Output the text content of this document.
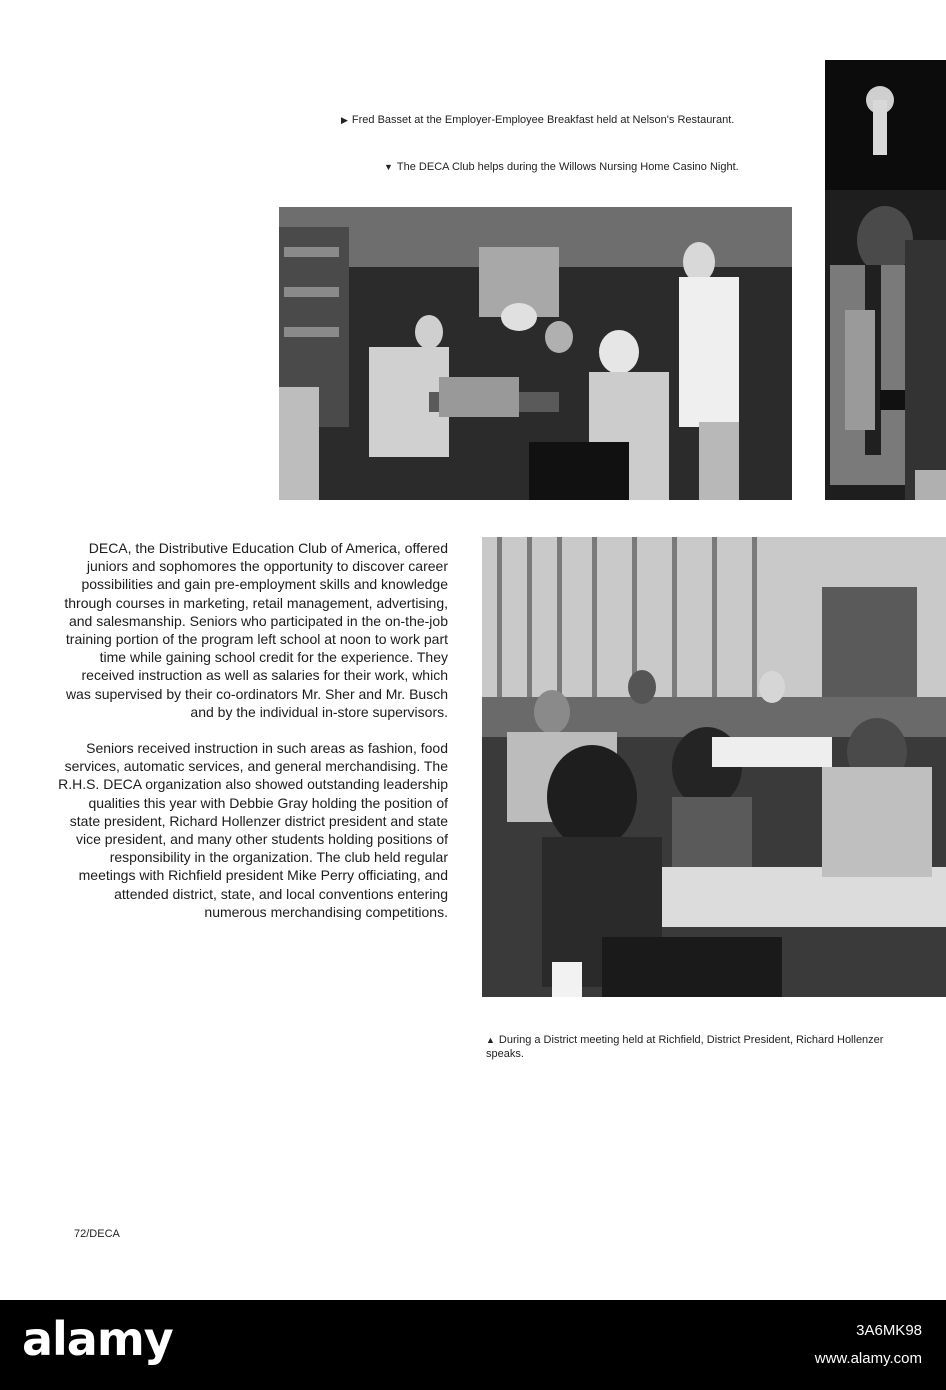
▶ Fred Basset at the Employer-Employee Breakfast held at Nelson's Restaurant.
▼ The DECA Club helps during the Willows Nursing Home Casino Night.

DECA, the Distributive Education Club of America, offered juniors and sophomores the opportunity to discover career possibilities and gain pre-employment skills and knowledge through courses in marketing, retail management, advertising, and salesmanship. Seniors who participated in the on-the-job training portion of the program left school at noon to work part time while gaining school credit for the experience. They received instruction as well as salaries for their work, which was supervised by their co-ordinators Mr. Sher and Mr. Busch and by the individual in-store supervisors.

Seniors received instruction in such areas as fashion, food services, automatic services, and general merchandising. The R.H.S. DECA organization also showed outstanding leadership qualities this year with Debbie Gray holding the position of state president, Richard Hollenzer district president and state vice president, and many other students holding positions of responsibility in the organization. The club held regular meetings with Richfield president Mike Perry officiating, and attended district, state, and local conventions entering numerous merchandising competitions.

▲ During a District meeting held at Richfield, District President, Richard Hollenzer speaks.
72/DECA
alamy	3A6MK98
www.alamy.com
